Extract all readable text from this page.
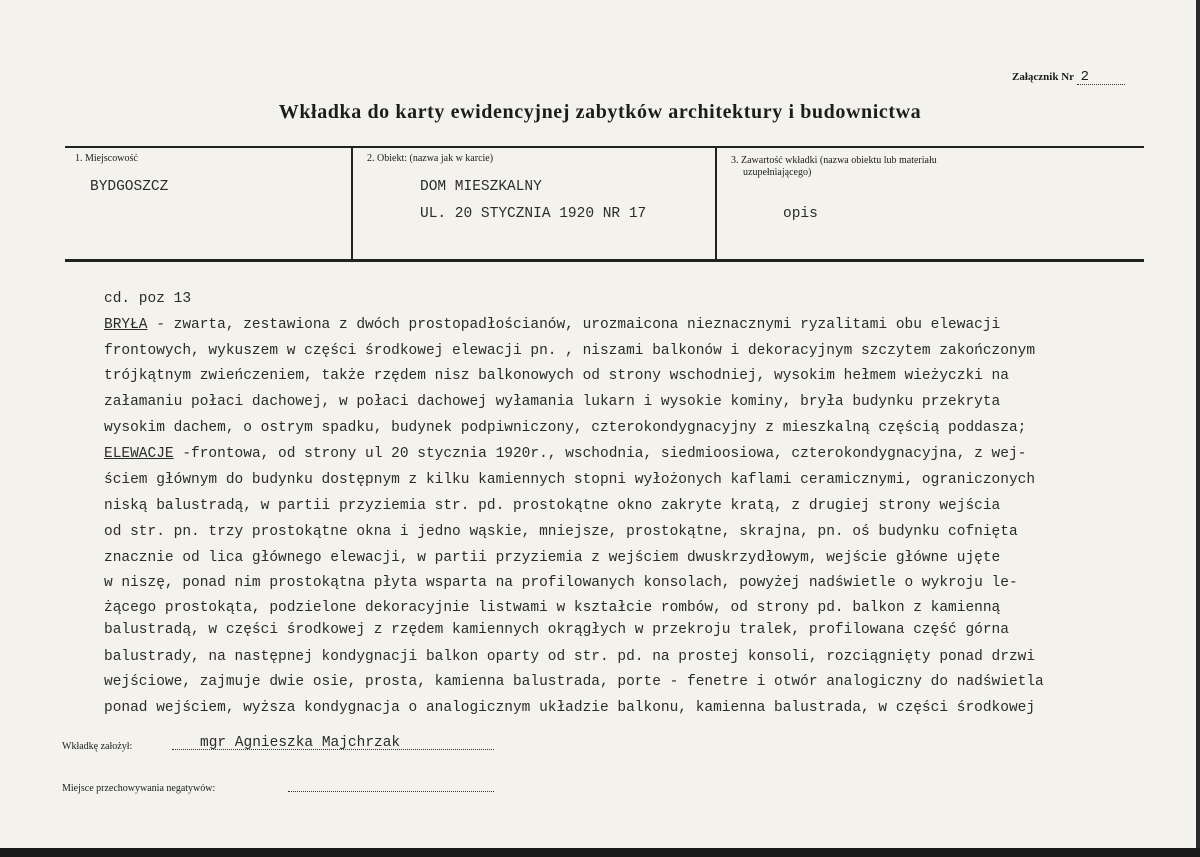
Załącznik Nr 2
Wkładka do karty ewidencyjnej zabytków architektury i budownictwa
1. Miejscowość
BYDGOSZCZ
2. Obiekt: (nazwa jak w karcie)
DOM MIESZKALNY
UL. 20 STYCZNIA 1920 NR 17
3. Zawartość wkładki (nazwa obiektu lub materiału
uzupełniającego)
opis
cd. poz 13
BRYŁA - zwarta, zestawiona z dwóch prostopadłościanów, urozmaicona nieznacznymi ryzalitami obu elewacji
frontowych, wykuszem w części środkowej elewacji pn. , niszami balkonów i dekoracyjnym szczytem zakończonym
trójkątnym zwieńczeniem, także rzędem nisz balkonowych od strony wschodniej, wysokim hełmem wieżyczki na
załamaniu połaci dachowej, w połaci dachowej wyłamania lukarn i wysokie kominy, bryła budynku przekryta
wysokim dachem, o ostrym spadku, budynek podpiwniczony, czterokondygnacyjny z mieszkalną częścią poddasza;
ELEWACJE -frontowa, od strony ul 20 stycznia 1920r., wschodnia, siedmioosiowa, czterokondygnacyjna, z wej-
ściem głównym do budynku dostępnym z kilku kamiennych stopni wyłożonych kaflami ceramicznymi, ograniczonych
niską balustradą, w partii przyziemia str. pd. prostokątne okno zakryte kratą, z drugiej strony wejścia
od str. pn. trzy prostokątne okna i jedno wąskie, mniejsze, prostokątne, skrajna, pn. oś budynku cofnięta
znacznie od lica głównego elewacji, w partii przyziemia z wejściem dwuskrzydłowym, wejście główne ujęte
w niszę, ponad nim prostokątna płyta wsparta na profilowanych konsolach, powyżej nadświetle o wykroju le-
żącego prostokąta, podzielone dekoracyjnie listwami w kształcie rombów, od strony pd. balkon z kamienną
balustradą, w części środkowej z rzędem kamiennych okrągłych w przekroju tralek, profilowana część górna
balustrady, na następnej kondygnacji balkon oparty od str. pd. na prostej konsoli, rozciągnięty ponad drzwi
wejściowe, zajmuje dwie osie, prosta, kamienna balustrada, porte - fenetre i otwór analogiczny do nadświetla
ponad wejściem, wyższa kondygnacja o analogicznym układzie balkonu, kamienna balustrada, w części środkowej
Wkładkę założył:	mgr Agnieszka Majchrzak
Miejsce przechowywania negatywów:
